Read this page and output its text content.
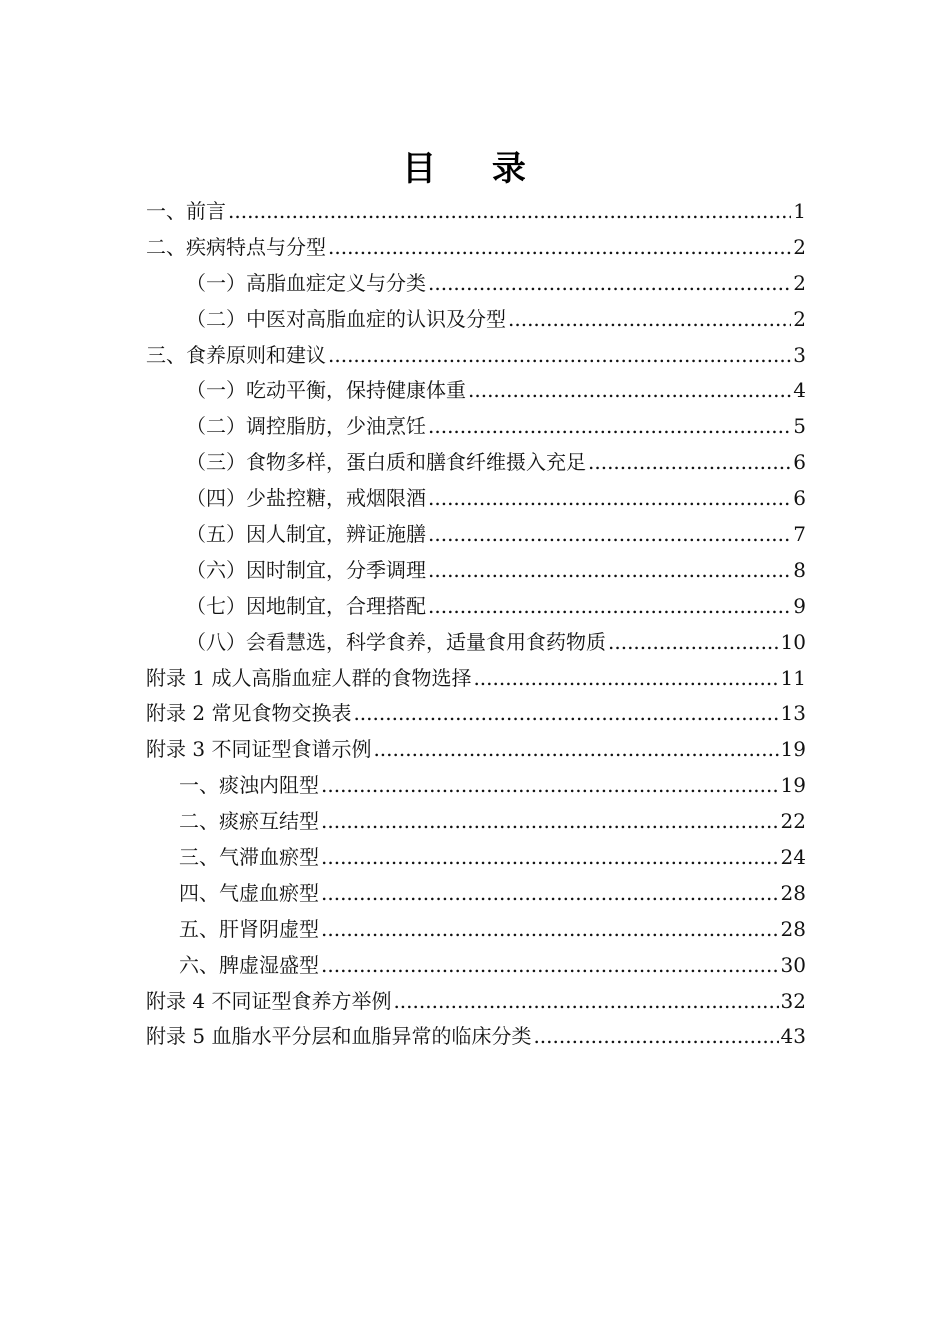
目 录
一、前言 .....	1
二、疾病特点与分型 .....	2
（一）高脂血症定义与分类 .....	2
（二）中医对高脂血症的认识及分型 .....	2
三、食养原则和建议 .....	3
（一）吃动平衡，保持健康体重 .....	4
（二）调控脂肪，少油烹饪 .....	5
（三）食物多样，蛋白质和膳食纤维摄入充足 .....	6
（四）少盐控糖，戒烟限酒 .....	6
（五）因人制宜，辨证施膳 .....	7
（六）因时制宜，分季调理 .....	8
（七）因地制宜，合理搭配 .....	9
（八）会看慧选，科学食养，适量食用食药物质 .....	10
附录 1 成人高脂血症人群的食物选择 .....	11
附录 2 常见食物交换表 .....	13
附录 3 不同证型食谱示例 .....	19
一、痰浊内阻型 .....	19
二、痰瘀互结型 .....	22
三、气滞血瘀型 .....	24
四、气虚血瘀型 .....	28
五、肝肾阴虚型 .....	28
六、脾虚湿盛型 .....	30
附录 4 不同证型食养方举例 .....	32
附录 5 血脂水平分层和血脂异常的临床分类 .....	43
